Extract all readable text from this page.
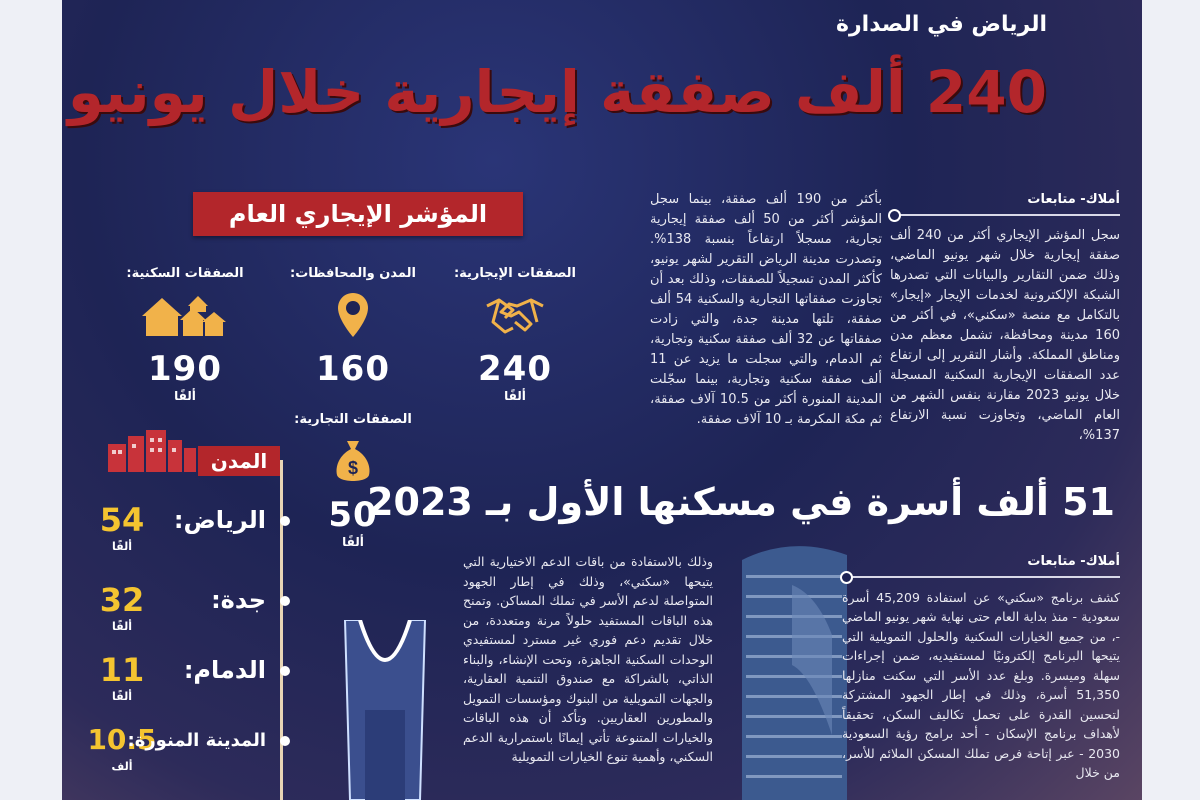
الرياض في الصدارة
240 ألف صفقة إيجارية خلال يونيو
أملاك- متابعات
سجل المؤشر الإيجاري أكثر من 240 ألف صفقة إيجارية خلال شهر يونيو الماضي، وذلك ضمن التقارير والبيانات التي تصدرها الشبكة الإلكترونية لخدمات الإيجار «إيجار» بالتكامل مع منصة «سكني»، في أكثر من 160 مدينة ومحافظة، تشمل معظم مدن ومناطق المملكة. وأشار التقرير إلى ارتفاع عدد الصفقات الإيجارية السكنية المسجلة خلال يونيو 2023 مقارنة بنفس الشهر من العام الماضي، وتجاوزت نسبة الارتفاع 137%،
بأكثر من 190 ألف صفقة، بينما سجل المؤشر أكثر من 50 ألف صفقة إيجارية تجارية، مسجلاً ارتفاعاً بنسبة 138%. وتصدرت مدينة الرياض التقرير لشهر يونيو، كأكثر المدن تسجيلاً للصفقات، وذلك بعد أن تجاوزت صفقاتها التجارية والسكنية 54 ألف صفقة، تلتها مدينة جدة، والتي زادت صفقاتها عن 32 ألف صفقة سكنية وتجارية، ثم الدمام، والتي سجلت ما يزيد عن 11 ألف صفقة سكنية وتجارية، بينما سجّلت المدينة المنورة أكثر من 10.5 آلاف صفقة، ثم مكة المكرمة بـ 10 آلاف صفقة.
المؤشر الإيجاري العام
الصفقات الإيجارية:
240
ألفًا
المدن والمحافظات:
160
الصفقات السكنية:
190
ألفًا
الصفقات التجارية:
$
50
ألفًا
المدن
54
ألفًا
الرياض:
32
ألفًا
جدة:
11
ألفًا
الدمام:
10.5
ألف
المدينة المنورة:
51 ألف أسرة في مسكنها الأول بـ 2023
أملاك- متابعات
كشف برنامج «سكني» عن استفادة 45,209 أسرة سعودية - منذ بداية العام حتى نهاية شهر يونيو الماضي -، من جميع الخيارات السكنية والحلول التمويلية التي يتيحها البرنامج إلكترونيًا لمستفيديه، ضمن إجراءات سهلة وميسرة. وبلغ عدد الأسر التي سكنت منازلها 51,350 أسرة، وذلك في إطار الجهود المشتركة لتحسين القدرة على تحمل تكاليف السكن، تحقيقاً لأهداف برنامج الإسكان - أحد برامج رؤية السعودية 2030 - عبر إتاحة فرص تملك المسكن الملائم للأسر، من خلال
وذلك بالاستفادة من باقات الدعم الاختيارية التي يتيحها «سكني»، وذلك في إطار الجهود المتواصلة لدعم الأسر في تملك المساكن. وتمنح هذه الباقات المستفيد حلولاً مرنة ومتعددة، من خلال تقديم دعم فوري غير مسترد لمستفيدي الوحدات السكنية الجاهزة، وتحت الإنشاء، والبناء الذاتي، بالشراكة مع صندوق التنمية العقارية، والجهات التمويلية من البنوك ومؤسسات التمويل والمطورين العقاريين. وتأكد أن هذه الباقات والخيارات المتنوعة تأتي إيمانًا باستمرارية الدعم السكني، وأهمية تنوع الخيارات التمويلية
